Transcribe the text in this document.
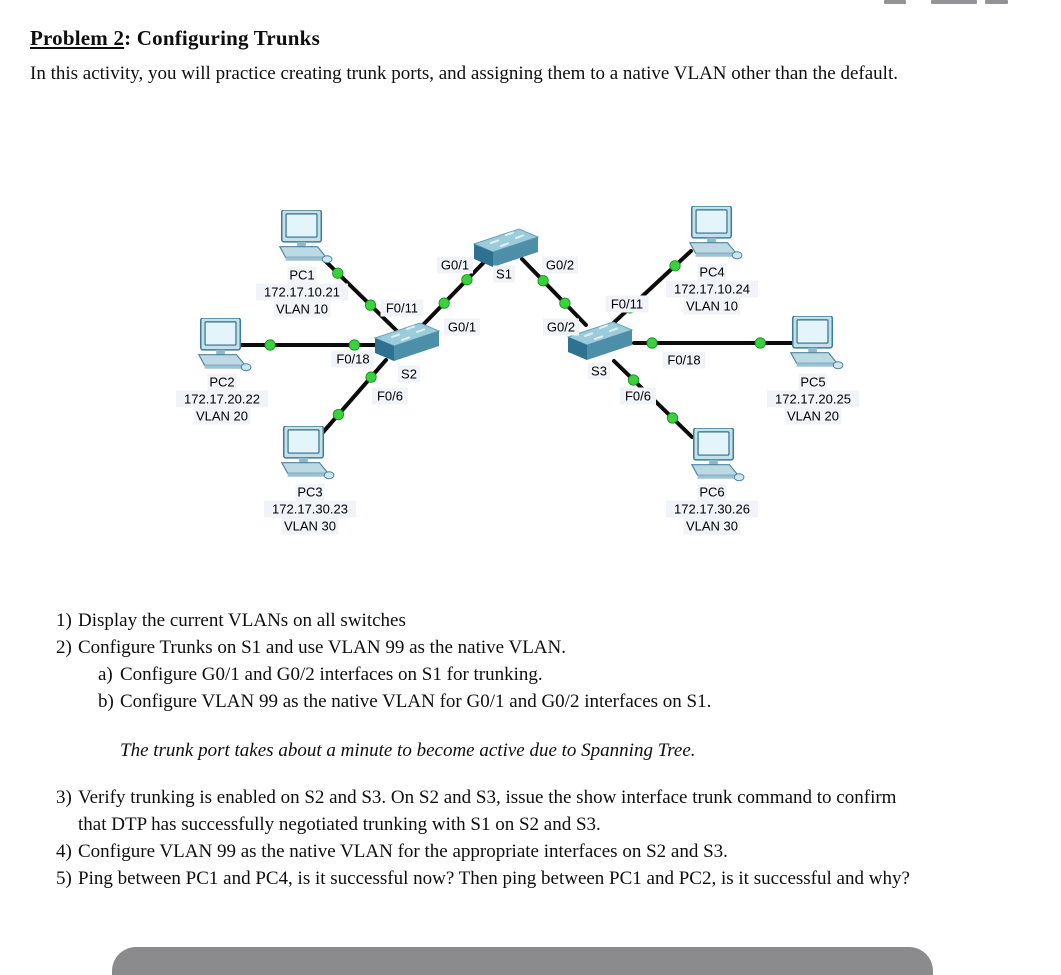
Problem 2: Configuring Trunks
In this activity, you will practice creating trunk ports, and assigning them to a native VLAN other than the default.
PC1
172.17.10.21
VLAN 10
PC2
172.17.20.22
VLAN 20
PC3
172.17.30.23
VLAN 30
PC4
172.17.10.24
VLAN 10
PC5
172.17.20.25
VLAN 20
PC6
172.17.30.26
VLAN 30
S1
S2	S3
G0/1	G0/2
G0/1	G0/2
F0/11
F0/18
F0/6
F0/11
F0/18
F0/6
1) Display the current VLANs on all switches
2) Configure Trunks on S1 and use VLAN 99 as the native VLAN.
a) Configure G0/1 and G0/2 interfaces on S1 for trunking.
b) Configure VLAN 99 as the native VLAN for G0/1 and G0/2 interfaces on S1.
The trunk port takes about a minute to become active due to Spanning Tree.
3) Verify trunking is enabled on S2 and S3. On S2 and S3, issue the show interface trunk command to confirm that DTP has successfully negotiated trunking with S1 on S2 and S3.
4) Configure VLAN 99 as the native VLAN for the appropriate interfaces on S2 and S3.
5) Ping between PC1 and PC4, is it successful now? Then ping between PC1 and PC2, is it successful and why?
